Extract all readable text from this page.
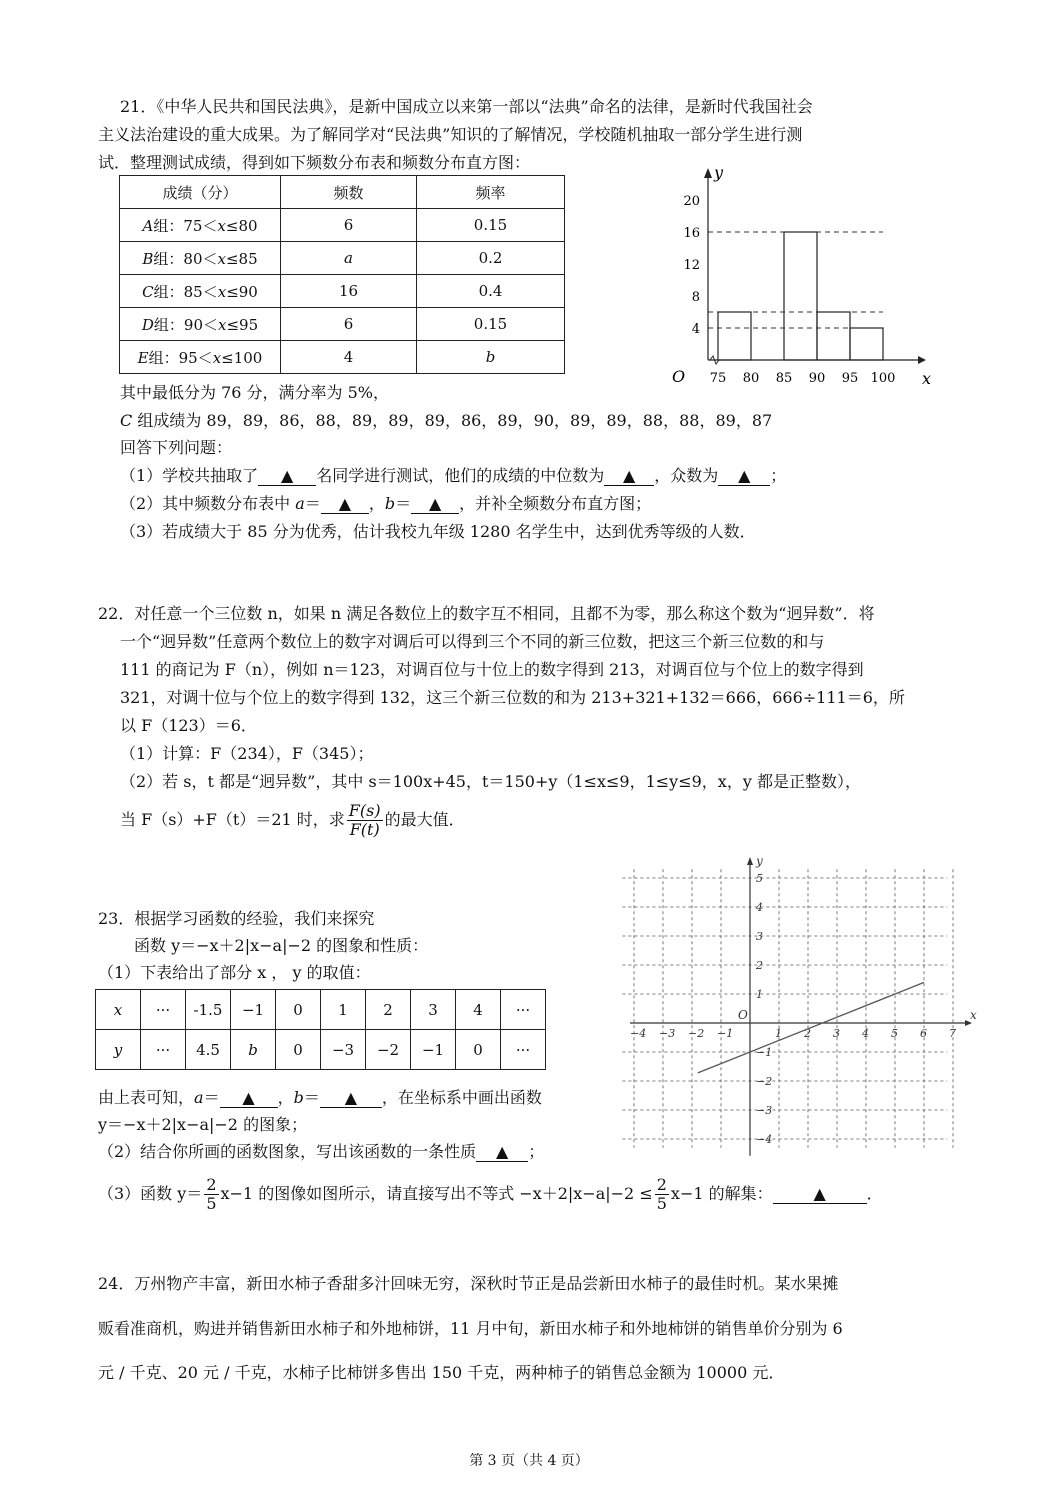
21．《中华人民共和国民法典》，是新中国成立以来第一部以“法典”命名的法律，是新时代我国社会
主义法治建设的重大成果。为了解同学对“民法典”知识的了解情况，学校随机抽取一部分学生进行测
试．整理测试成绩，得到如下频数分布表和频数分布直方图：
成绩（分）	频数	频率
A组：75＜x≤80	6	0.15
B组：80＜x≤85	a	0.2
C组：85＜x≤90	16	0.4
D组：90＜x≤95	6	0.15
E组：95＜x≤100	4	b
4
8
12
16
20
75 80 85 90 95 100
y
x
O
其中最低分为 76 分，满分率为 5%，
C 组成绩为 89，89，86，88，89，89，89，86，89，90，89，89，88，88，89，87
回答下列问题：
（1）学校共抽取了 ▲ 名同学进行测试，他们的成绩的中位数为 ▲ ，众数为 ▲ ；
（2）其中频数分布表中 a＝ ▲ ，b＝ ▲ ，并补全频数分布直方图；
（3）若成绩大于 85 分为优秀，估计我校九年级 1280 名学生中，达到优秀等级的人数．
22．对任意一个三位数 n，如果 n 满足各数位上的数字互不相同，且都不为零，那么称这个数为“迥异数”．将
一个“迥异数”任意两个数位上的数字对调后可以得到三个不同的新三位数，把这三个新三位数的和与
111 的商记为 F（n），例如 n＝123，对调百位与十位上的数字得到 213，对调百位与个位上的数字得到
321，对调十位与个位上的数字得到 132，这三个新三位数的和为 213+321+132＝666，666÷111＝6，所
以 F（123）＝6．
（1）计算：F（234），F（345）；
（2）若 s，t 都是“迥异数”，其中 s＝100x+45，t＝150+y（1≤x≤9，1≤y≤9，x，y 都是正整数），
当 F（s）+F（t）＝21 时，求 $\frac{F(s)}{F(t)}$ 的最大值．
23．根据学习函数的经验，我们来探究
函数 y＝−x＋2|x−a|−2 的图象和性质：
（1）下表给出了部分 x ， y 的取值：
x	···	-1.5	−1	0	1	2	3	4	···
y	···	4.5	b	0	−3	−2	−1	0	···
由上表可知，a＝ ▲ ，b＝ ▲ ，在坐标系中画出函数
y＝−x＋2|x−a|−2 的图象；
（2）结合你所画的函数图象，写出该函数的一条性质 ▲ ；
（3）函数 $y= \frac{2}{5} x-1$ 的图像如图所示，请直接写出不等式 $-x+2|x-a|-2 \le \frac{2}{5} x-1$ 的解集：	▲	．
−4 −3 −2 −1	1 2 3 4 5 6 7
5
4
3
2
1
−1
−2
−3
−4
O
y
x
24．万州物产丰富，新田水柿子香甜多汁回味无穷，深秋时节正是品尝新田水柿子的最佳时机。某水果摊
贩看准商机，购进并销售新田水柿子和外地柿饼，11 月中旬，新田水柿子和外地柿饼的销售单价分别为 6
元 / 千克、20 元 / 千克，水柿子比柿饼多售出 150 千克，两种柿子的销售总金额为 10000 元．
第 3 页（共 4 页）
